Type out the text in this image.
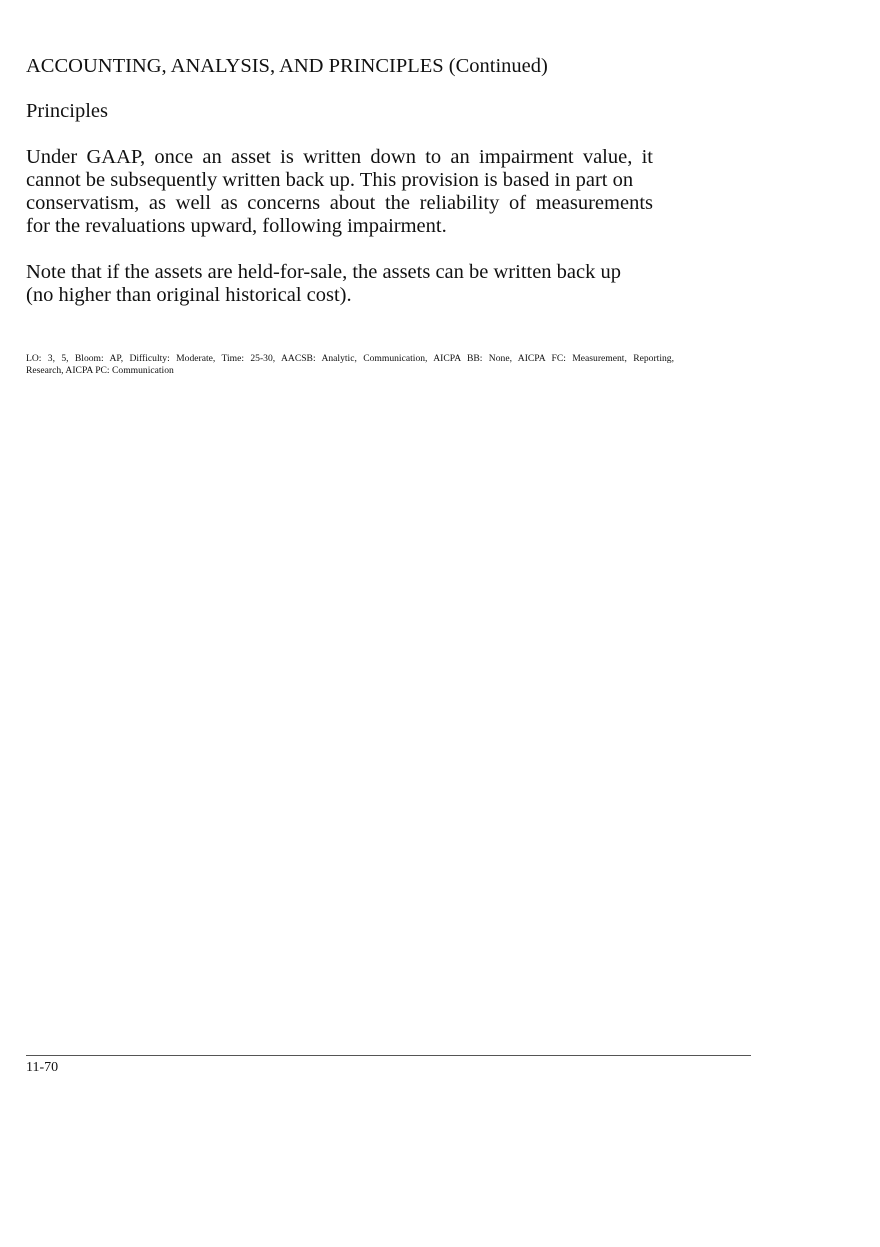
ACCOUNTING, ANALYSIS, AND PRINCIPLES (Continued)
Principles

Under GAAP, once an asset is written down to an impairment value, it
cannot be subsequently written back up. This provision is based in part on
conservatism, as well as concerns about the reliability of measurements
for the revaluations upward, following impairment.

Note that if the assets are held-for-sale, the assets can be written back up
(no higher than original historical cost).

LO: 3, 5, Bloom: AP, Difficulty: Moderate, Time: 25-30, AACSB: Analytic, Communication, AICPA BB: None, AICPA FC: Measurement, Reporting,
Research, AICPA PC: Communication

11-70
